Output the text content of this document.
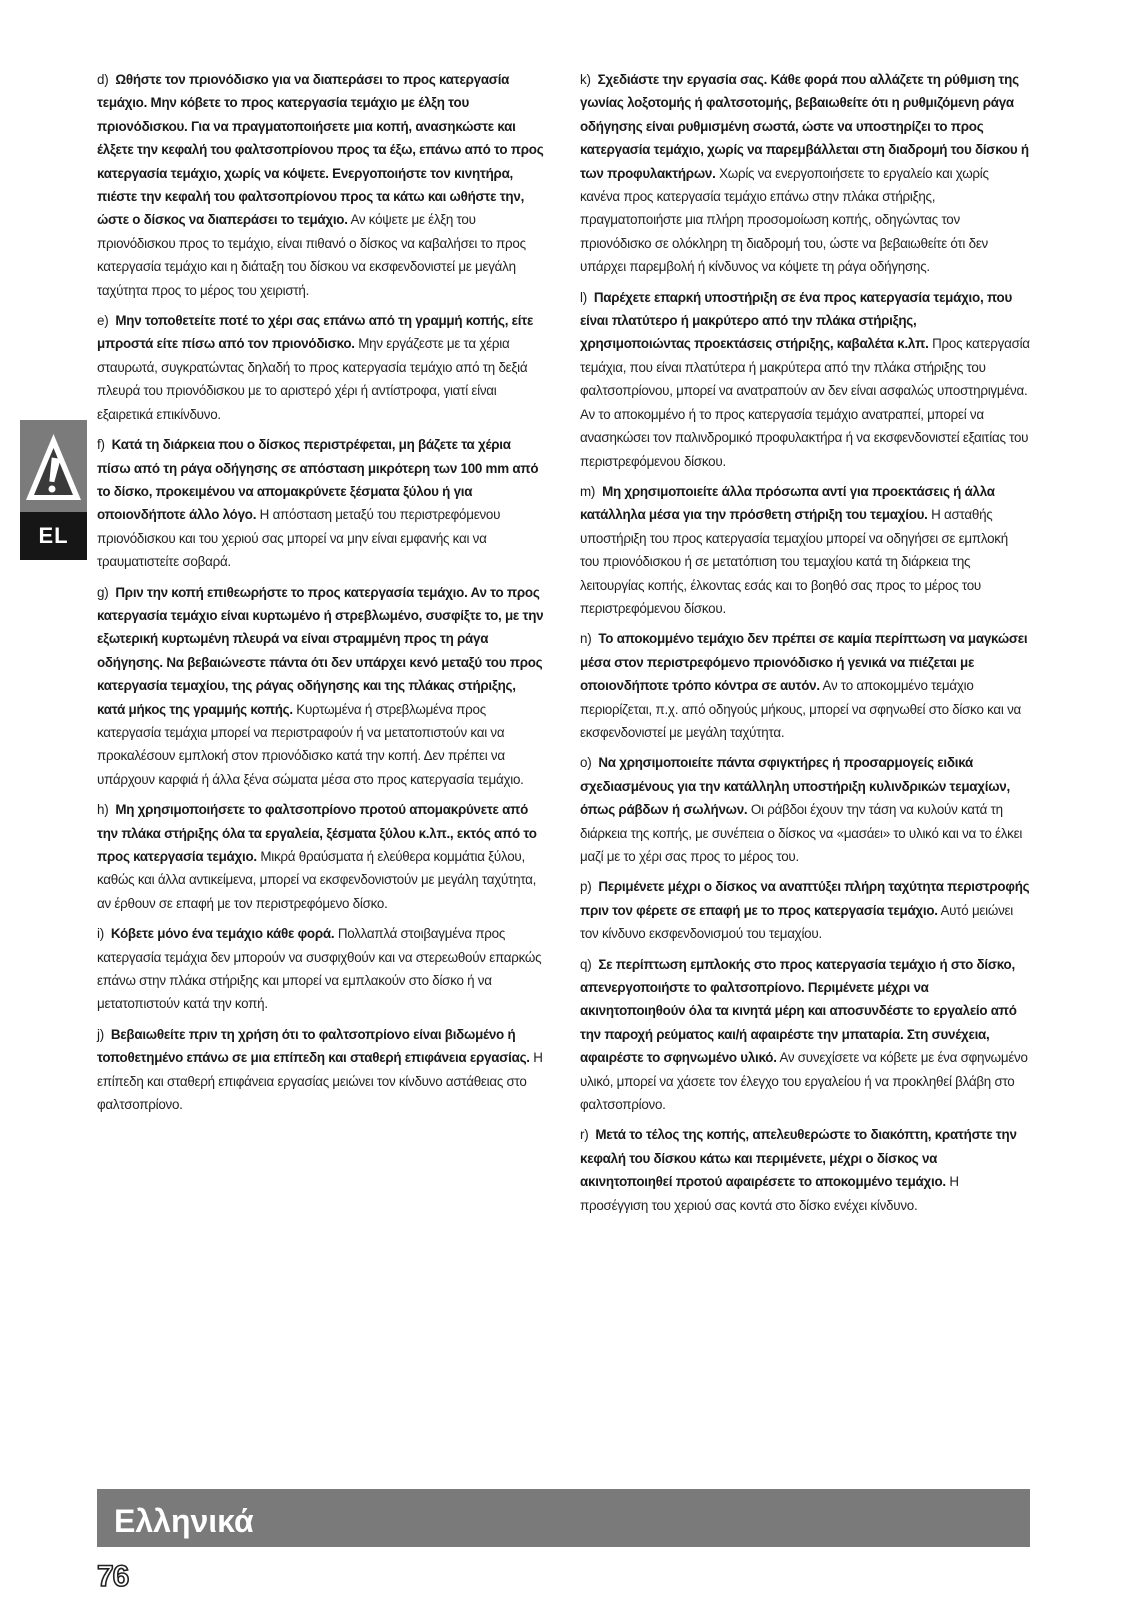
d) Ωθήστε τον πριονόδισκο για να διαπεράσει το προς κατεργασία τεμάχιο. Μην κόβετε το προς κατεργασία τεμάχιο με έλξη του πριονόδισκου. Για να πραγματοποιήσετε μια κοπή, ανασηκώστε και έλξετε την κεφαλή του φαλτσοπρίονου προς τα έξω, επάνω από το προς κατεργασία τεμάχιο, χωρίς να κόψετε. Ενεργοποιήστε τον κινητήρα, πιέστε την κεφαλή του φαλτσοπρίονου προς τα κάτω και ωθήστε την, ώστε ο δίσκος να διαπεράσει το τεμάχιο. Αν κόψετε με έλξη του πριονόδισκου προς το τεμάχιο, είναι πιθανό ο δίσκος να καβαλήσει το προς κατεργασία τεμάχιο και η διάταξη του δίσκου να εκσφενδονιστεί με μεγάλη ταχύτητα προς το μέρος του χειριστή.

e) Μην τοποθετείτε ποτέ το χέρι σας επάνω από τη γραμμή κοπής, είτε μπροστά είτε πίσω από τον πριονόδισκο. Μην εργάζεστε με τα χέρια σταυρωτά, συγκρατώντας δηλαδή το προς κατεργασία τεμάχιο από τη δεξιά πλευρά του πριονόδισκου με το αριστερό χέρι ή αντίστροφα, γιατί είναι εξαιρετικά επικίνδυνο.

f) Κατά τη διάρκεια που ο δίσκος περιστρέφεται, μη βάζετε τα χέρια πίσω από τη ράγα οδήγησης σε απόσταση μικρότερη των 100 mm από το δίσκο, προκειμένου να απομακρύνετε ξέσματα ξύλου ή για οποιονδήποτε άλλο λόγο. Η απόσταση μεταξύ του περιστρεφόμενου πριονόδισκου και του χεριού σας μπορεί να μην είναι εμφανής και να τραυματιστείτε σοβαρά.

g) Πριν την κοπή επιθεωρήστε το προς κατεργασία τεμάχιο. Αν το προς κατεργασία τεμάχιο είναι κυρτωμένο ή στρεβλωμένο, συσφίξτε το, με την εξωτερική κυρτωμένη πλευρά να είναι στραμμένη προς τη ράγα οδήγησης. Να βεβαιώνεστε πάντα ότι δεν υπάρχει κενό μεταξύ του προς κατεργασία τεμαχίου, της ράγας οδήγησης και της πλάκας στήριξης, κατά μήκος της γραμμής κοπής. Κυρτωμένα ή στρεβλωμένα προς κατεργασία τεμάχια μπορεί να περιστραφούν ή να μετατοπιστούν και να προκαλέσουν εμπλοκή στον πριονόδισκο κατά την κοπή. Δεν πρέπει να υπάρχουν καρφιά ή άλλα ξένα σώματα μέσα στο προς κατεργασία τεμάχιο.

h) Μη χρησιμοποιήσετε το φαλτσοπρίονο προτού απομακρύνετε από την πλάκα στήριξης όλα τα εργαλεία, ξέσματα ξύλου κ.λπ., εκτός από το προς κατεργασία τεμάχιο. Μικρά θραύσματα ή ελεύθερα κομμάτια ξύλου, καθώς και άλλα αντικείμενα, μπορεί να εκσφενδονιστούν με μεγάλη ταχύτητα, αν έρθουν σε επαφή με τον περιστρεφόμενο δίσκο.

i) Κόβετε μόνο ένα τεμάχιο κάθε φορά. Πολλαπλά στοιβαγμένα προς κατεργασία τεμάχια δεν μπορούν να συσφιχθούν και να στερεωθούν επαρκώς επάνω στην πλάκα στήριξης και μπορεί να εμπλακούν στο δίσκο ή να μετατοπιστούν κατά την κοπή.

j) Βεβαιωθείτε πριν τη χρήση ότι το φαλτσοπρίονο είναι βιδωμένο ή τοποθετημένο επάνω σε μια επίπεδη και σταθερή επιφάνεια εργασίας. Η επίπεδη και σταθερή επιφάνεια εργασίας μειώνει τον κίνδυνο αστάθειας στο φαλτσοπρίονο.

k) Σχεδιάστε την εργασία σας. Κάθε φορά που αλλάζετε τη ρύθμιση της γωνίας λοξοτομής ή φαλτσοτομής, βεβαιωθείτε ότι η ρυθμιζόμενη ράγα οδήγησης είναι ρυθμισμένη σωστά, ώστε να υποστηρίζει το προς κατεργασία τεμάχιο, χωρίς να παρεμβάλλεται στη διαδρομή του δίσκου ή των προφυλακτήρων. Χωρίς να ενεργοποιήσετε το εργαλείο και χωρίς κανένα προς κατεργασία τεμάχιο επάνω στην πλάκα στήριξης, πραγματοποιήστε μια πλήρη προσομοίωση κοπής, οδηγώντας τον πριονόδισκο σε ολόκληρη τη διαδρομή του, ώστε να βεβαιωθείτε ότι δεν υπάρχει παρεμβολή ή κίνδυνος να κόψετε τη ράγα οδήγησης.

l) Παρέχετε επαρκή υποστήριξη σε ένα προς κατεργασία τεμάχιο, που είναι πλατύτερο ή μακρύτερο από την πλάκα στήριξης, χρησιμοποιώντας προεκτάσεις στήριξης, καβαλέτα κ.λπ. Προς κατεργασία τεμάχια, που είναι πλατύτερα ή μακρύτερα από την πλάκα στήριξης του φαλτσοπρίονου, μπορεί να ανατραπούν αν δεν είναι ασφαλώς υποστηριγμένα. Αν το αποκομμένο ή το προς κατεργασία τεμάχιο ανατραπεί, μπορεί να ανασηκώσει τον παλινδρομικό προφυλακτήρα ή να εκσφενδονιστεί εξαιτίας του περιστρεφόμενου δίσκου.

m) Μη χρησιμοποιείτε άλλα πρόσωπα αντί για προεκτάσεις ή άλλα κατάλληλα μέσα για την πρόσθετη στήριξη του τεμαχίου. Η ασταθής υποστήριξη του προς κατεργασία τεμαχίου μπορεί να οδηγήσει σε εμπλοκή του πριονόδισκου ή σε μετατόπιση του τεμαχίου κατά τη διάρκεια της λειτουργίας κοπής, έλκοντας εσάς και το βοηθό σας προς το μέρος του περιστρεφόμενου δίσκου.

n) Το αποκομμένο τεμάχιο δεν πρέπει σε καμία περίπτωση να μαγκώσει μέσα στον περιστρεφόμενο πριονόδισκο ή γενικά να πιέζεται με οποιονδήποτε τρόπο κόντρα σε αυτόν. Αν το αποκομμένο τεμάχιο περιορίζεται, π.χ. από οδηγούς μήκους, μπορεί να σφηνωθεί στο δίσκο και να εκσφενδονιστεί με μεγάλη ταχύτητα.

o) Να χρησιμοποιείτε πάντα σφιγκτήρες ή προσαρμογείς ειδικά σχεδιασμένους για την κατάλληλη υποστήριξη κυλινδρικών τεμαχίων, όπως ράβδων ή σωλήνων. Οι ράβδοι έχουν την τάση να κυλούν κατά τη διάρκεια της κοπής, με συνέπεια ο δίσκος να «μασάει» το υλικό και να το έλκει μαζί με το χέρι σας προς το μέρος του.

p) Περιμένετε μέχρι ο δίσκος να αναπτύξει πλήρη ταχύτητα περιστροφής πριν τον φέρετε σε επαφή με το προς κατεργασία τεμάχιο. Αυτό μειώνει τον κίνδυνο εκσφενδονισμού του τεμαχίου.

q) Σε περίπτωση εμπλοκής στο προς κατεργασία τεμάχιο ή στο δίσκο, απενεργοποιήστε το φαλτσοπρίονο. Περιμένετε μέχρι να ακινητοποιηθούν όλα τα κινητά μέρη και αποσυνδέστε το εργαλείο από την παροχή ρεύματος και/ή αφαιρέστε την μπαταρία. Στη συνέχεια, αφαιρέστε το σφηνωμένο υλικό. Αν συνεχίσετε να κόβετε με ένα σφηνωμένο υλικό, μπορεί να χάσετε τον έλεγχο του εργαλείου ή να προκληθεί βλάβη στο φαλτσοπρίονο.

r) Μετά το τέλος της κοπής, απελευθερώστε το διακόπτη, κρατήστε την κεφαλή του δίσκου κάτω και περιμένετε, μέχρι ο δίσκος να ακινητοποιηθεί προτού αφαιρέσετε το αποκομμένο τεμάχιο. Η προσέγγιση του χεριού σας κοντά στο δίσκο ενέχει κίνδυνο.

EL
Ελληνικά
76
